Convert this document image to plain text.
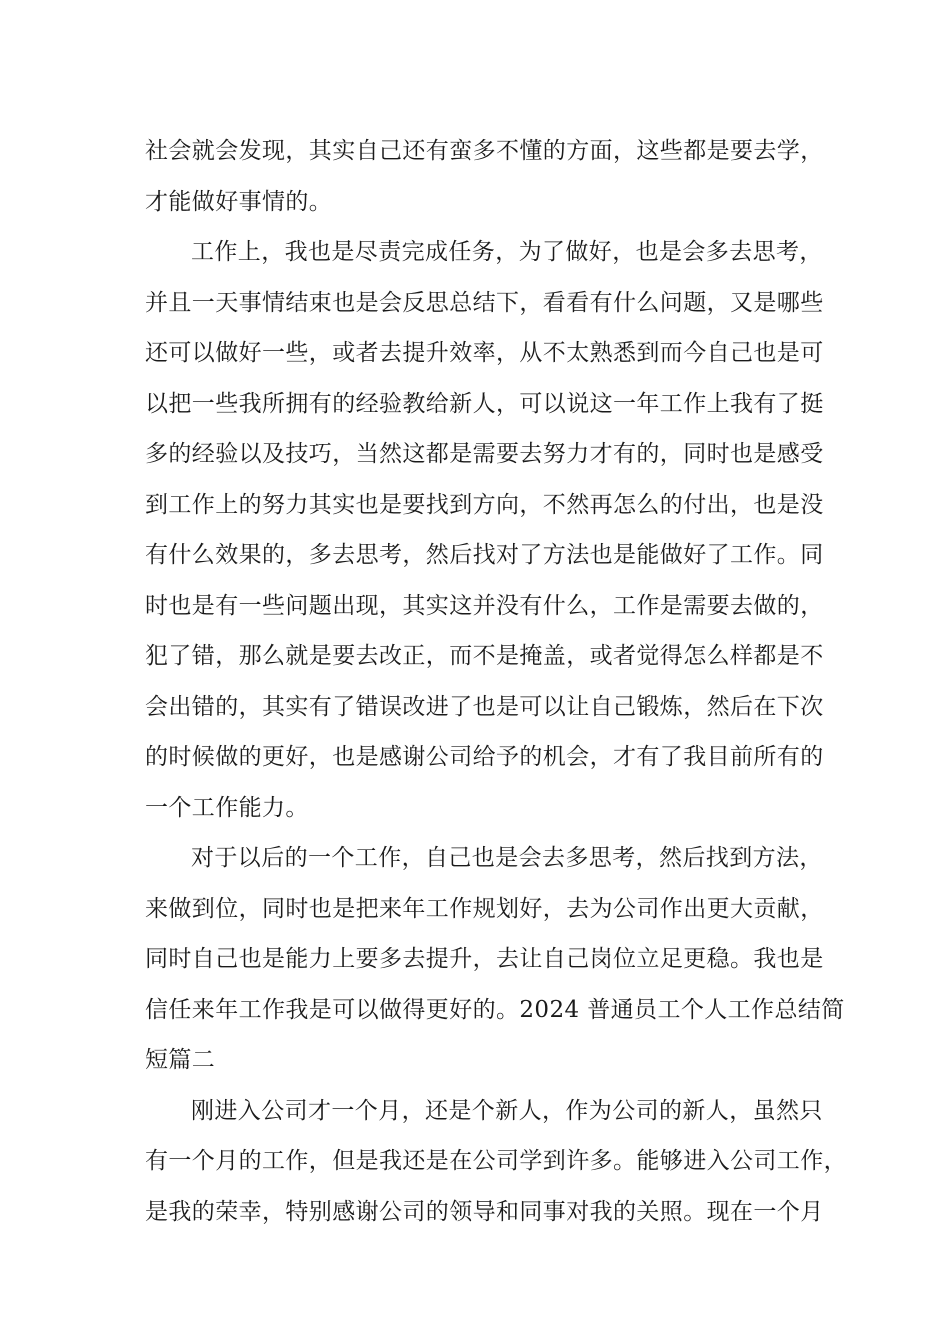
社会就会发现，其实自己还有蛮多不懂的方面，这些都是要去学，
才能做好事情的。
工作上，我也是尽责完成任务，为了做好，也是会多去思考，
并且一天事情结束也是会反思总结下，看看有什么问题，又是哪些
还可以做好一些，或者去提升效率，从不太熟悉到而今自己也是可
以把一些我所拥有的经验教给新人，可以说这一年工作上我有了挺
多的经验以及技巧，当然这都是需要去努力才有的，同时也是感受
到工作上的努力其实也是要找到方向，不然再怎么的付出，也是没
有什么效果的，多去思考，然后找对了方法也是能做好了工作。同
时也是有一些问题出现，其实这并没有什么，工作是需要去做的，
犯了错，那么就是要去改正，而不是掩盖，或者觉得怎么样都是不
会出错的，其实有了错误改进了也是可以让自己锻炼，然后在下次
的时候做的更好，也是感谢公司给予的机会，才有了我目前所有的
一个工作能力。
对于以后的一个工作，自己也是会去多思考，然后找到方法，
来做到位，同时也是把来年工作规划好，去为公司作出更大贡献，
同时自己也是能力上要多去提升，去让自己岗位立足更稳。我也是
信任来年工作我是可以做得更好的。2024 普通员工个人工作总结简
短篇二
刚进入公司才一个月，还是个新人，作为公司的新人，虽然只
有一个月的工作，但是我还是在公司学到许多。能够进入公司工作，
是我的荣幸，特别感谢公司的领导和同事对我的关照。现在一个月
